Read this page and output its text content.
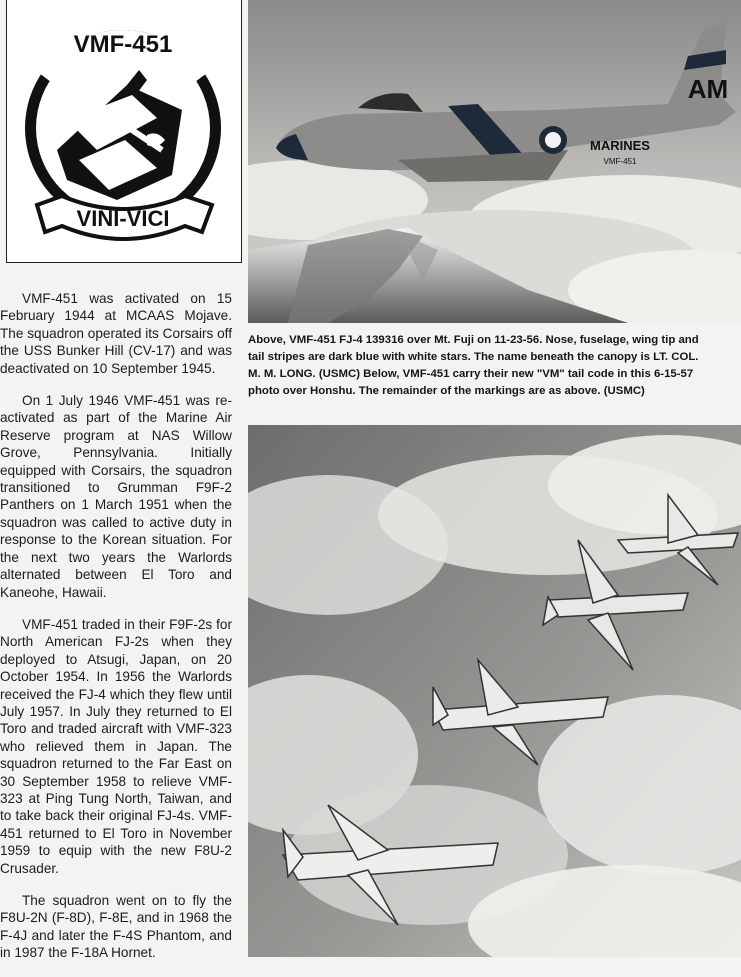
VMF-451
VINI-VICI

VMF-451 was activated on 15 February 1944 at MCAAS Mojave. The squadron operated its Corsairs off the USS Bunker Hill (CV-17) and was deactivated on 10 September 1945.

On 1 July 1946 VMF-451 was re-activated as part of the Marine Air Reserve program at NAS Willow Grove, Pennsylvania. Initially equipped with Corsairs, the squadron transitioned to Grumman F9F-2 Panthers on 1 March 1951 when the squadron was called to active duty in response to the Korean situation. For the next two years the Warlords alternated between El Toro and Kaneohe, Hawaii.

VMF-451 traded in their F9F-2s for North American FJ-2s when they deployed to Atsugi, Japan, on 20 October 1954. In 1956 the Warlords received the FJ-4 which they flew until July 1957. In July they returned to El Toro and traded aircraft with VMF-323 who relieved them in Japan. The squadron returned to the Far East on 30 September 1958 to relieve VMF-323 at Ping Tung North, Taiwan, and to take back their original FJ-4s. VMF-451 returned to El Toro in November 1959 to equip with the new F8U-2 Crusader.

The squadron went on to fly the F8U-2N (F-8D), F-8E, and in 1968 the F-4J and later the F-4S Phantom, and in 1987 the F-18A Hornet.

AM
MARINES
VMF-451
Above, VMF-451 FJ-4 139316 over Mt. Fuji on 11-23-56. Nose, fuselage, wing tip and
tail stripes are dark blue with white stars. The name beneath the canopy is LT. COL.
M. M. LONG. (USMC) Below, VMF-451 carry their new "VM" tail code in this 6-15-57
photo over Honshu. The remainder of the markings are as above. (USMC)
